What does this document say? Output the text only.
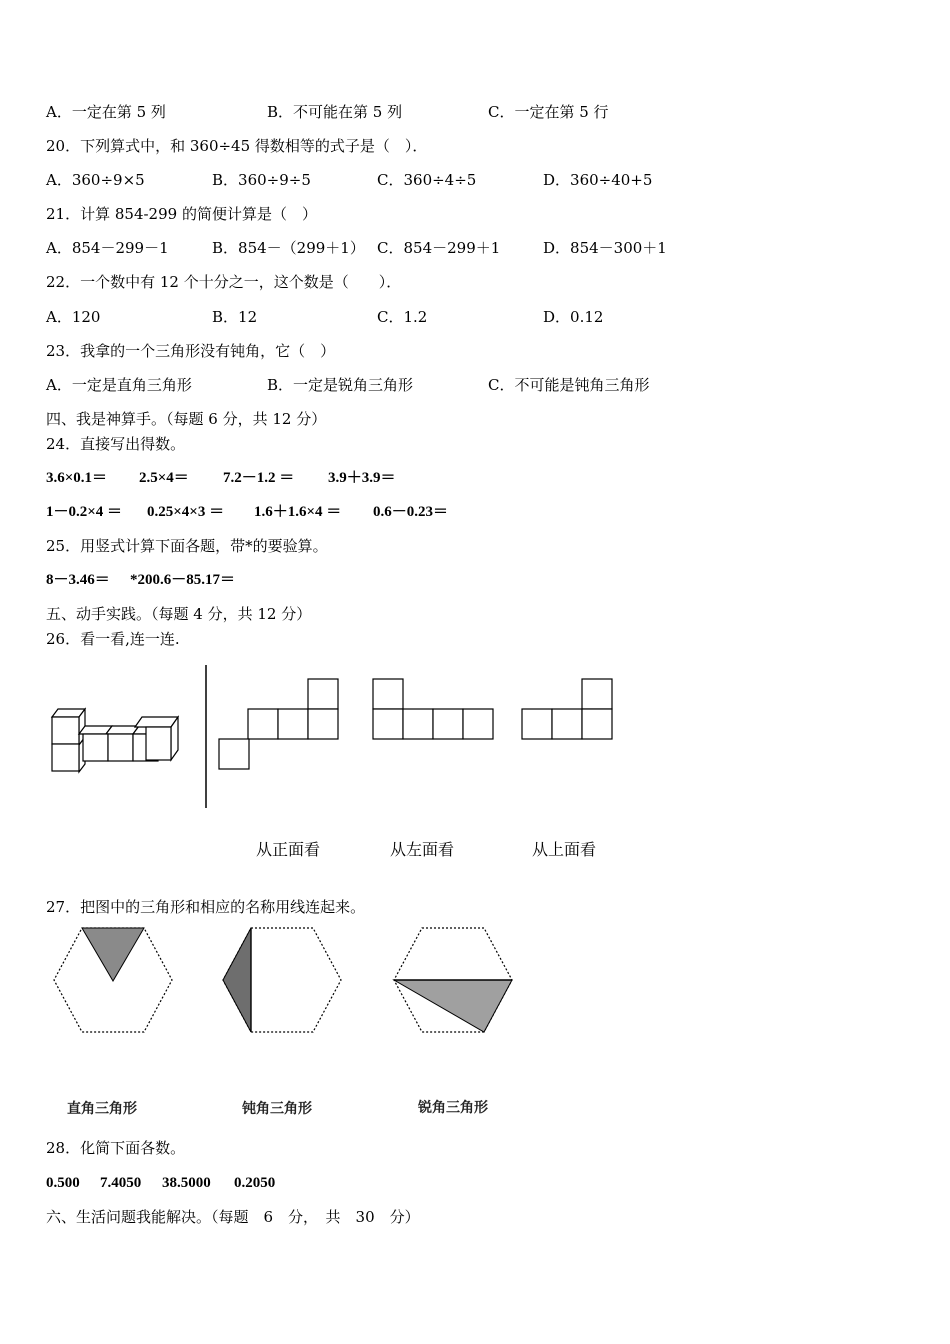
A．一定在第 5 列	B．不可能在第 5 列	C．一定在第 5 行
20．下列算式中，和 360÷45 得数相等的式子是（　）．
A．360÷9×5	B．360÷9÷5	C．360÷4÷5	D．360÷40+5
21．计算 854-299 的简便计算是（　）
A．854－299－1	B．854－（299＋1） C．854－299＋1	D．854－300＋1
22．一个数中有 12 个十分之一，这个数是（　　）．
A．120	B．12	C．1.2	D．0.12
23．我拿的一个三角形没有钝角，它（　）
A．一定是直角三角形	B．一定是锐角三角形	C．不可能是钝角三角形
四、我是神算手。（每题 6 分，共 12 分）
24．直接写出得数。
3.6×0.1＝ 2.5×4＝ 7.2－1.2 ＝ 3.9＋3.9＝
1－0.2×4 ＝ 0.25×4×3 ＝ 1.6＋1.6×4 ＝ 0.6－0.23＝
25．用竖式计算下面各题，带*的要验算。
8－3.46＝ *200.6－85.17＝
五、动手实践。（每题 4 分，共 12 分）
26．看一看,连一连.
从正面看	从左面看	从上面看
27．把图中的三角形和相应的名称用线连起来。
直角三角形	钝角三角形	锐角三角形
28．化简下面各数。
0.500 7.4050 38.5000 0.2050
六、生活问题我能解决。（每题　6　分，　共　30　分）
